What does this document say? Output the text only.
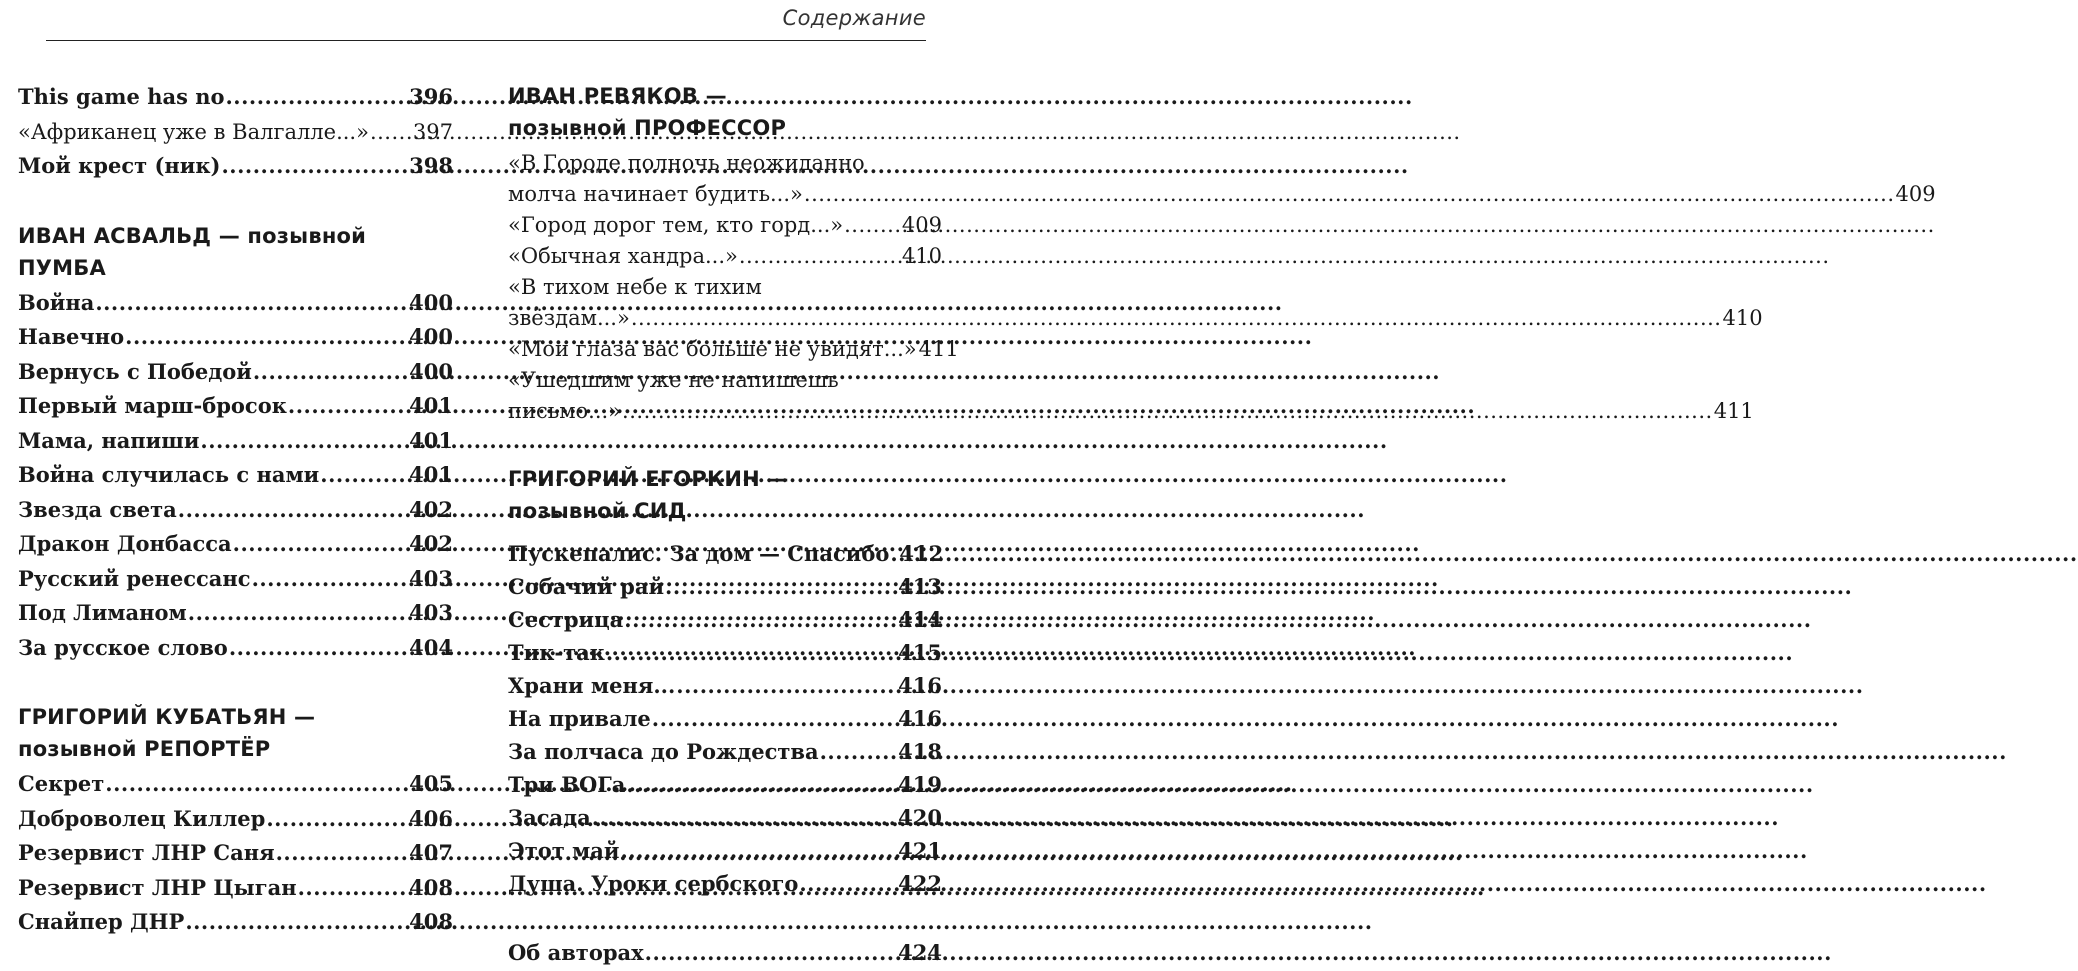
Содержание
This game has no .....	396
«Африканец уже в Валгалле...» ..... 397
Мой крест (ник) .....	398
ИВАН АСВАЛЬД — позывной
ПУМБА
Война .....	400
Навечно .....	400
Вернусь с Победой .....	400
Первый марш-бросок .....	401
Мама, напиши .....	401
Война случилась с нами .....	401
Звезда света .....	402
Дракон Донбасса .....	402
Русский ренессанс .....	403
Под Лиманом .....	403
За русское слово .....	404
ГРИГОРИЙ КУБАТЬЯН —
позывной РЕПОРТЁР
Секрет .....	405
Доброволец Киллер .....	406
Резервист ЛНР Саня .....	407
Резервист ЛНР Цыган .....	408
Снайпер ДНР .....	408
ИВАН РЕВЯКОВ —
позывной ПРОФЕССОР
«В Городе полночь неожиданно
молча начинает будить...» .....	409
«Город дорог тем, кто горд...» .....	409
«Обычная хандра...» .....	410
«В тихом небе к тихим
звёздам...» .....	410
«Мои глаза вас больше не увидят...» 411
«Ушедшим уже не напишешь
письмо...» .....	411
ГРИГОРИЙ ЕГОРКИН —
позывной СИД
Пускепалис. За дом — Спасибо ..... 412
Собачий рай .....	413
Сестрица .....	414
Тик-так .....	415
Храни меня... .....	416
На привале .....	416
За полчаса до Рождества .....	418
Три ВОГа .....	419
Засада .....	420
Этот май .....	421
Душа. Уроки сербского .....	422
Об авторах .....	424
